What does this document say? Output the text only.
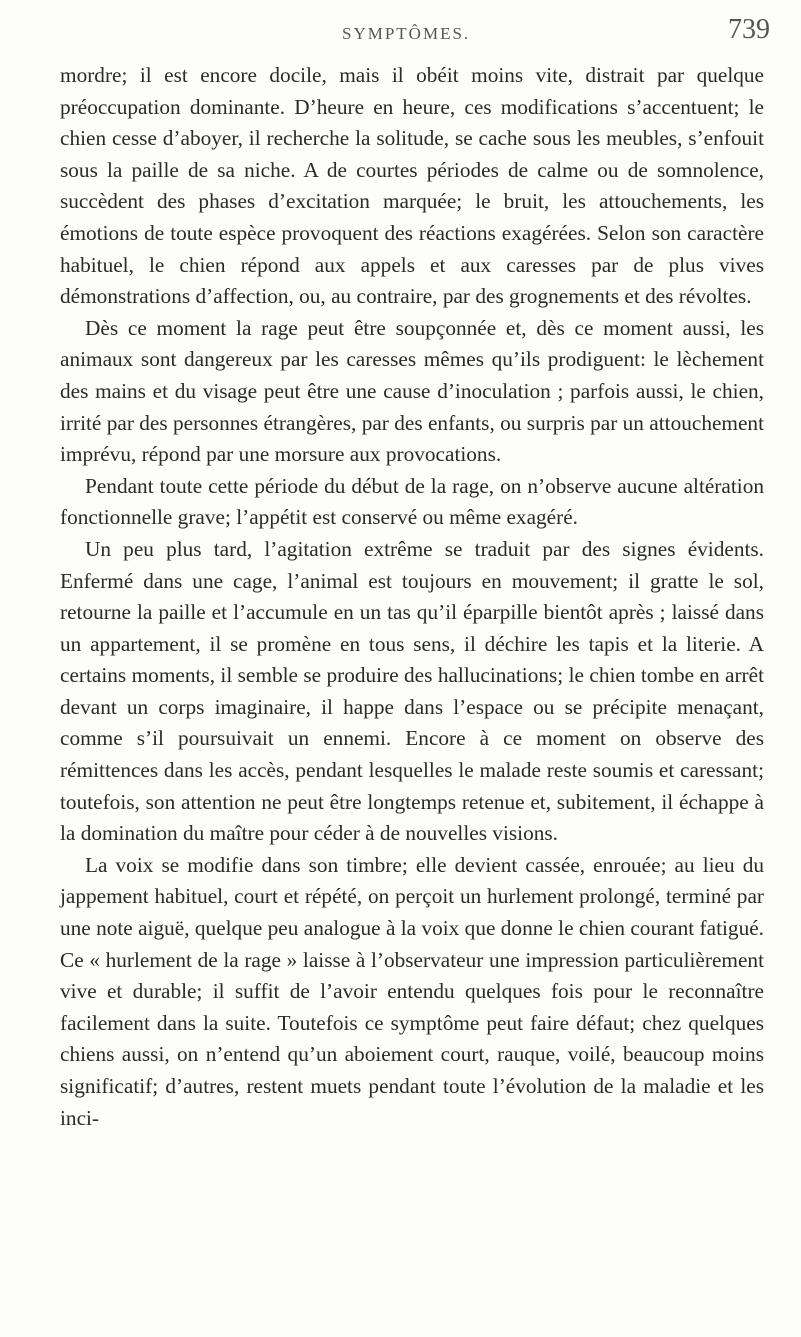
SYMPTÔMES.	739

mordre; il est encore docile, mais il obéit moins vite, distrait par quelque préoccupation dominante. D’heure en heure, ces modifications s’accentuent; le chien cesse d’aboyer, il recherche la solitude, se cache sous les meubles, s’enfouit sous la paille de sa niche. A de courtes périodes de calme ou de somnolence, succèdent des phases d’excitation marquée; le bruit, les attouchements, les émotions de toute espèce provoquent des réactions exagérées. Selon son caractère habituel, le chien répond aux appels et aux caresses par de plus vives démonstrations d’affection, ou, au contraire, par des grognements et des révoltes.

Dès ce moment la rage peut être soupçonnée et, dès ce moment aussi, les animaux sont dangereux par les caresses mêmes qu’ils prodiguent: le lèchement des mains et du visage peut être une cause d’inoculation ; parfois aussi, le chien, irrité par des personnes étrangères, par des enfants, ou surpris par un attouchement imprévu, répond par une morsure aux provocations.

Pendant toute cette période du début de la rage, on n’observe aucune altération fonctionnelle grave; l’appétit est conservé ou même exagéré.

Un peu plus tard, l’agitation extrême se traduit par des signes évidents. Enfermé dans une cage, l’animal est toujours en mouvement; il gratte le sol, retourne la paille et l’accumule en un tas qu’il éparpille bientôt après ; laissé dans un appartement, il se promène en tous sens, il déchire les tapis et la literie. A certains moments, il semble se produire des hallucinations; le chien tombe en arrêt devant un corps imaginaire, il happe dans l’espace ou se précipite menaçant, comme s’il poursuivait un ennemi. Encore à ce moment on observe des rémittences dans les accès, pendant lesquelles le malade reste soumis et caressant; toutefois, son attention ne peut être longtemps retenue et, subitement, il échappe à la domination du maître pour céder à de nouvelles visions.

La voix se modifie dans son timbre; elle devient cassée, enrouée; au lieu du jappement habituel, court et répété, on perçoit un hurlement prolongé, terminé par une note aiguë, quelque peu analogue à la voix que donne le chien courant fatigué. Ce « hurlement de la rage » laisse à l’observateur une impression particulièrement vive et durable; il suffit de l’avoir entendu quelques fois pour le reconnaître facilement dans la suite. Toutefois ce symptôme peut faire défaut; chez quelques chiens aussi, on n’entend qu’un aboiement court, rauque, voilé, beaucoup moins significatif; d’autres, restent muets pendant toute l’évolution de la maladie et les inci-
